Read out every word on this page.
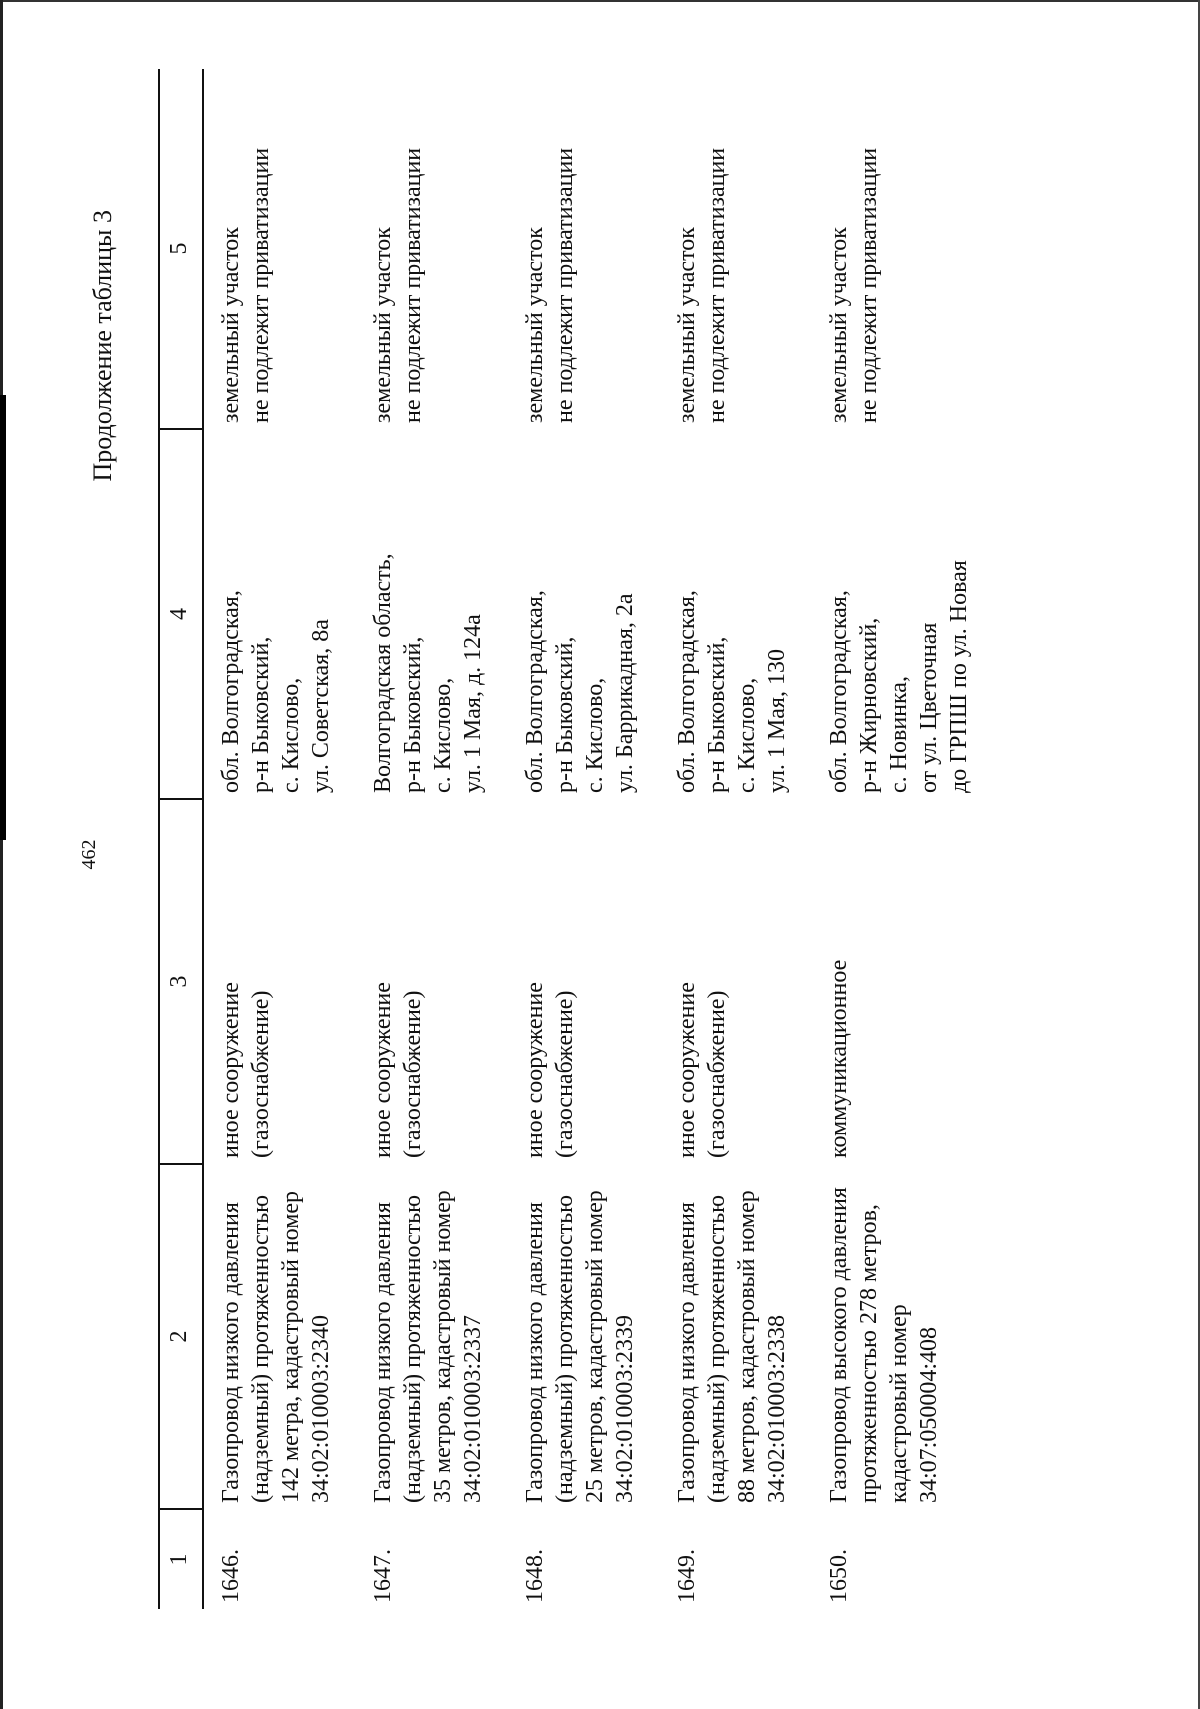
462
Продолжение таблицы 3
1	2	3	4	5

1646.	Газопровод низкого давления (надземный) протяженностью 142 метра, кадастровый номер 34:02:010003:2340	иное сооружение (газоснабжение)	обл. Волгоградская, р-н Быковский, с. Кислово, ул. Советская, 8а	земельный участок не подлежит приватизации

1647.	Газопровод низкого давления (надземный) протяженностью 35 метров, кадастровый номер 34:02:010003:2337	иное сооружение (газоснабжение)	Волгоградская область, р-н Быковский, с. Кислово, ул. 1 Мая, д. 124а	земельный участок не подлежит приватизации

1648.	Газопровод низкого давления (надземный) протяженностью 25 метров, кадастровый номер 34:02:010003:2339	иное сооружение (газоснабжение)	обл. Волгоградская, р-н Быковский, с. Кислово, ул. Баррикадная, 2а	земельный участок не подлежит приватизации

1649.	Газопровод низкого давления (надземный) протяженностью 88 метров, кадастровый номер 34:02:010003:2338	иное сооружение (газоснабжение)	обл. Волгоградская, р-н Быковский, с. Кислово, ул. 1 Мая, 130	земельный участок не подлежит приватизации

1650.	Газопровод высокого давления протяженностью 278 метров, кадастровый номер 34:07:050004:408	коммуникационное	обл. Волгоградская, р-н Жирновский, с. Новинка, от ул. Цветочная до ГРПШ по ул. Новая	земельный участок не подлежит приватизации
